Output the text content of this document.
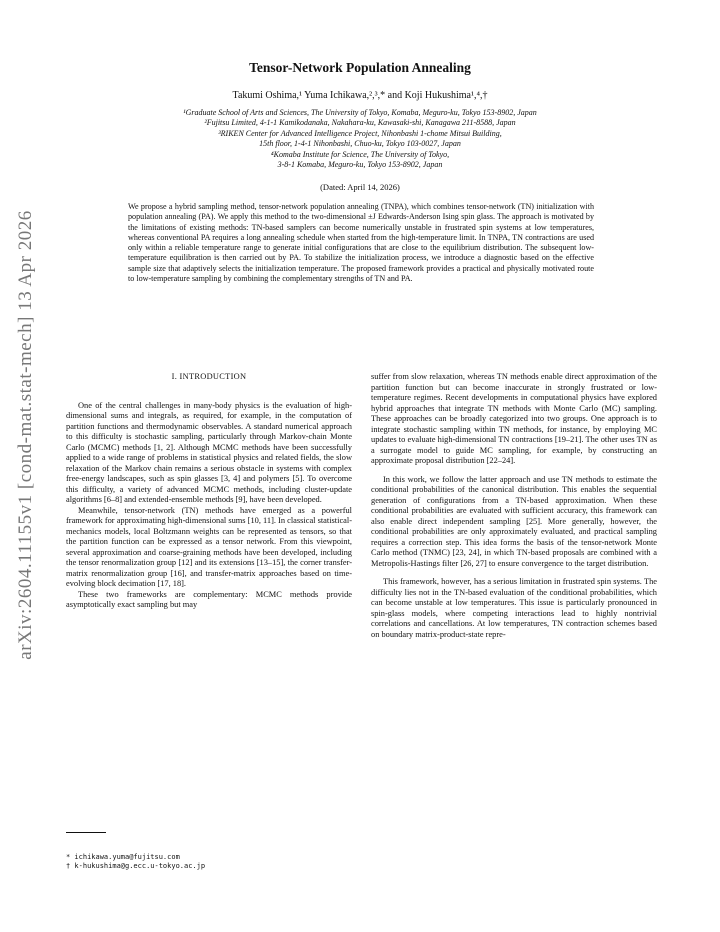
arXiv:2604.11155v1 [cond-mat.stat-mech] 13 Apr 2026
Tensor-Network Population Annealing
Takumi Oshima,¹ Yuma Ichikawa,²,³,* and Koji Hukushima¹,⁴,†
¹Graduate School of Arts and Sciences, The University of Tokyo, Komaba, Meguro-ku, Tokyo 153-8902, Japan
²Fujitsu Limited, 4-1-1 Kamikodanaka, Nakahara-ku, Kawasaki-shi, Kanagawa 211-8588, Japan
³RIKEN Center for Advanced Intelligence Project, Nihonbashi 1-chome Mitsui Building,
15th floor, 1-4-1 Nihonbashi, Chuo-ku, Tokyo 103-0027, Japan
⁴Komaba Institute for Science, The University of Tokyo,
3-8-1 Komaba, Meguro-ku, Tokyo 153-8902, Japan
(Dated: April 14, 2026)

We propose a hybrid sampling method, tensor-network population annealing (TNPA), which combines tensor-network (TN) initialization with population annealing (PA). We apply this method to the two-dimensional ±J Edwards-Anderson Ising spin glass. The approach is motivated by the limitations of existing methods: TN-based samplers can become numerically unstable in frustrated spin systems at low temperatures, whereas conventional PA requires a long annealing schedule when started from the high-temperature limit. In TNPA, TN contractions are used only within a reliable temperature range to generate initial configurations that are close to the equilibrium distribution. The subsequent low-temperature equilibration is then carried out by PA. To stabilize the initialization process, we introduce a diagnostic based on the effective sample size that adaptively selects the initialization temperature. The proposed framework provides a practical and physically motivated route to low-temperature sampling by combining the complementary strengths of TN and PA.

I. INTRODUCTION

One of the central challenges in many-body physics is the evaluation of high-dimensional sums and integrals, as required, for example, in the computation of partition functions and thermodynamic observables. A standard numerical approach to this difficulty is stochastic sampling, particularly through Markov-chain Monte Carlo (MCMC) methods [1, 2]. Although MCMC methods have been successfully applied to a wide range of problems in statistical physics and related fields, the slow relaxation of the Markov chain remains a serious obstacle in systems with complex free-energy landscapes, such as spin glasses [3, 4] and polymers [5]. To overcome this difficulty, a variety of advanced MCMC methods, including cluster-update algorithms [6–8] and extended-ensemble methods [9], have been developed.

Meanwhile, tensor-network (TN) methods have emerged as a powerful framework for approximating high-dimensional sums [10, 11]. In classical statistical-mechanics models, local Boltzmann weights can be represented as tensors, so that the partition function can be expressed as a tensor network. From this viewpoint, several approximation and coarse-graining methods have been developed, including the tensor renormalization group [12] and its extensions [13–15], the corner transfer-matrix renormalization group [16], and transfer-matrix approaches based on time-evolving block decimation [17, 18].

These two frameworks are complementary: MCMC methods provide asymptotically exact sampling but may

suffer from slow relaxation, whereas TN methods enable direct approximation of the partition function but can become inaccurate in strongly frustrated or low-temperature regimes. Recent developments in computational physics have explored hybrid approaches that integrate TN methods with Monte Carlo (MC) sampling. These approaches can be broadly categorized into two groups. One approach is to integrate stochastic sampling within TN methods, for instance, by employing MC updates to evaluate high-dimensional TN contractions [19–21]. The other uses TN as a surrogate model to guide MC sampling, for example, by constructing an approximate proposal distribution [22–24].

In this work, we follow the latter approach and use TN methods to estimate the conditional probabilities of the canonical distribution. This enables the sequential generation of configurations from a TN-based approximation. When these conditional probabilities are evaluated with sufficient accuracy, this framework can also enable direct independent sampling [25]. More generally, however, the conditional probabilities are only approximately evaluated, and practical sampling requires a correction step. This idea forms the basis of the tensor-network Monte Carlo method (TNMC) [23, 24], in which TN-based proposals are combined with a Metropolis-Hastings filter [26, 27] to ensure convergence to the target distribution.

This framework, however, has a serious limitation in frustrated spin systems. The difficulty lies not in the TN-based evaluation of the conditional probabilities, which can become unstable at low temperatures. This issue is particularly pronounced in spin-glass models, where competing interactions lead to highly nontrivial correlations and cancellations. At low temperatures, TN contraction schemes based on boundary matrix-product-state repre-

* ichikawa.yuma@fujitsu.com
† k-hukushima@g.ecc.u-tokyo.ac.jp
